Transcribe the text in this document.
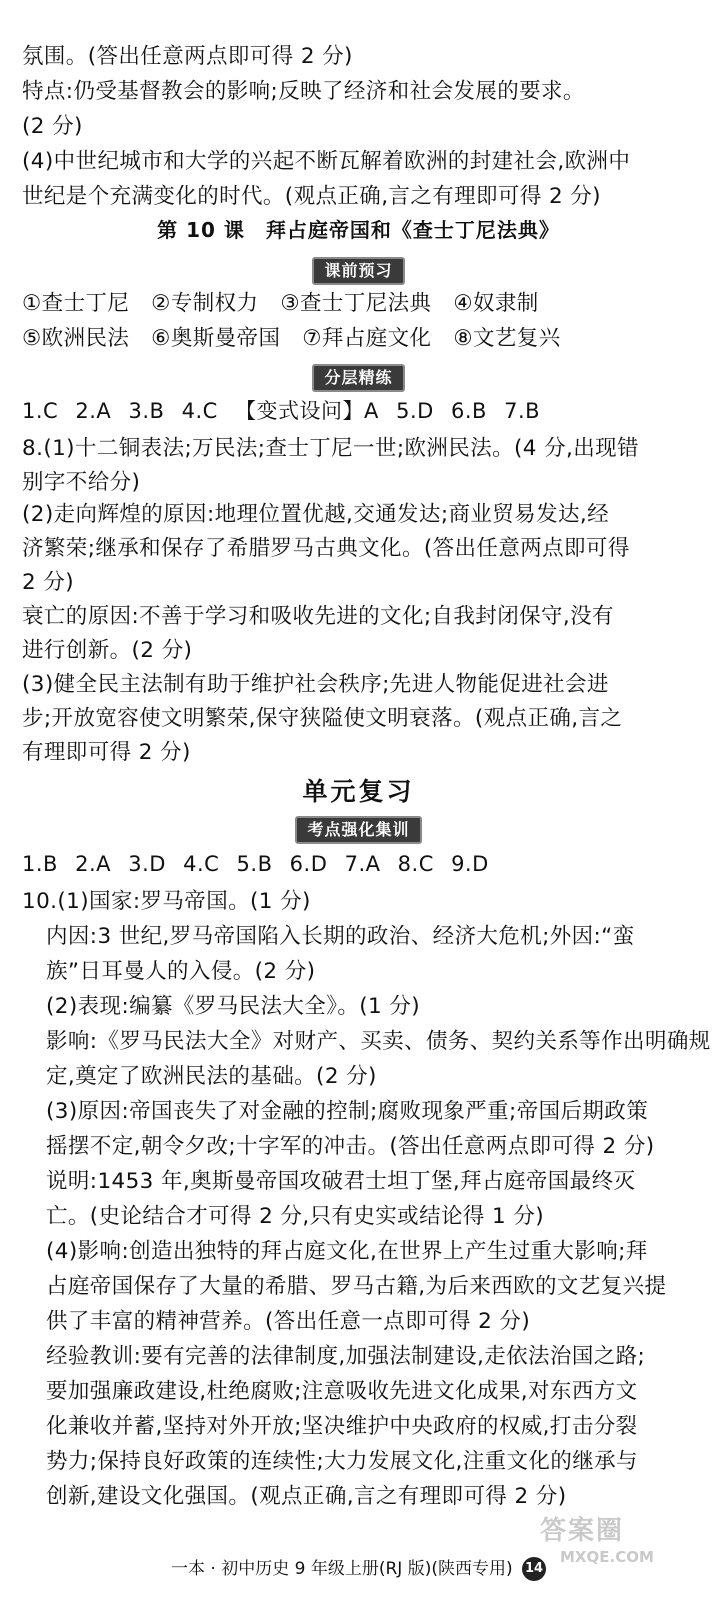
氛围。(答出任意两点即可得 2 分)
特点:仍受基督教会的影响;反映了经济和社会发展的要求。
(2 分)
(4)中世纪城市和大学的兴起不断瓦解着欧洲的封建社会,欧洲中
世纪是个充满变化的时代。(观点正确,言之有理即可得 2 分)
第 10 课　拜占庭帝国和《查士丁尼法典》
课前预习
①查士丁尼　②专制权力　③查士丁尼法典　④奴隶制
⑤欧洲民法　⑥奥斯曼帝国　⑦拜占庭文化　⑧文艺复兴
分层精练
1.C 2.A 3.B 4.C 【变式设问】A 5.D 6.B 7.B
8.(1)十二铜表法;万民法;查士丁尼一世;欧洲民法。(4 分,出现错
别字不给分)
(2)走向辉煌的原因:地理位置优越,交通发达;商业贸易发达,经
济繁荣;继承和保存了希腊罗马古典文化。(答出任意两点即可得
2 分)
衰亡的原因:不善于学习和吸收先进的文化;自我封闭保守,没有
进行创新。(2 分)
(3)健全民主法制有助于维护社会秩序;先进人物能促进社会进
步;开放宽容使文明繁荣,保守狭隘使文明衰落。(观点正确,言之
有理即可得 2 分)
单元复习
考点强化集训
1.B 2.A 3.D 4.C 5.B 6.D 7.A 8.C 9.D
10.(1)国家:罗马帝国。(1 分)
内因:3 世纪,罗马帝国陷入长期的政治、经济大危机;外因:“蛮
族”日耳曼人的入侵。(2 分)
(2)表现:编纂《罗马民法大全》。(1 分)
影响:《罗马民法大全》对财产、买卖、债务、契约关系等作出明确规
定,奠定了欧洲民法的基础。(2 分)
(3)原因:帝国丧失了对金融的控制;腐败现象严重;帝国后期政策
摇摆不定,朝令夕改;十字军的冲击。(答出任意两点即可得 2 分)
说明:1453 年,奥斯曼帝国攻破君士坦丁堡,拜占庭帝国最终灭
亡。(史论结合才可得 2 分,只有史实或结论得 1 分)
(4)影响:创造出独特的拜占庭文化,在世界上产生过重大影响;拜
占庭帝国保存了大量的希腊、罗马古籍,为后来西欧的文艺复兴提
供了丰富的精神营养。(答出任意一点即可得 2 分)
经验教训:要有完善的法律制度,加强法制建设,走依法治国之路;
要加强廉政建设,杜绝腐败;注意吸收先进文化成果,对东西方文
化兼收并蓄,坚持对外开放;坚决维护中央政府的权威,打击分裂
势力;保持良好政策的连续性;大力发展文化,注重文化的继承与
创新,建设文化强国。(观点正确,言之有理即可得 2 分)
答案圈
MXQE.COM
一本 · 初中历史 9 年级上册(RJ 版)(陕西专用) 14
